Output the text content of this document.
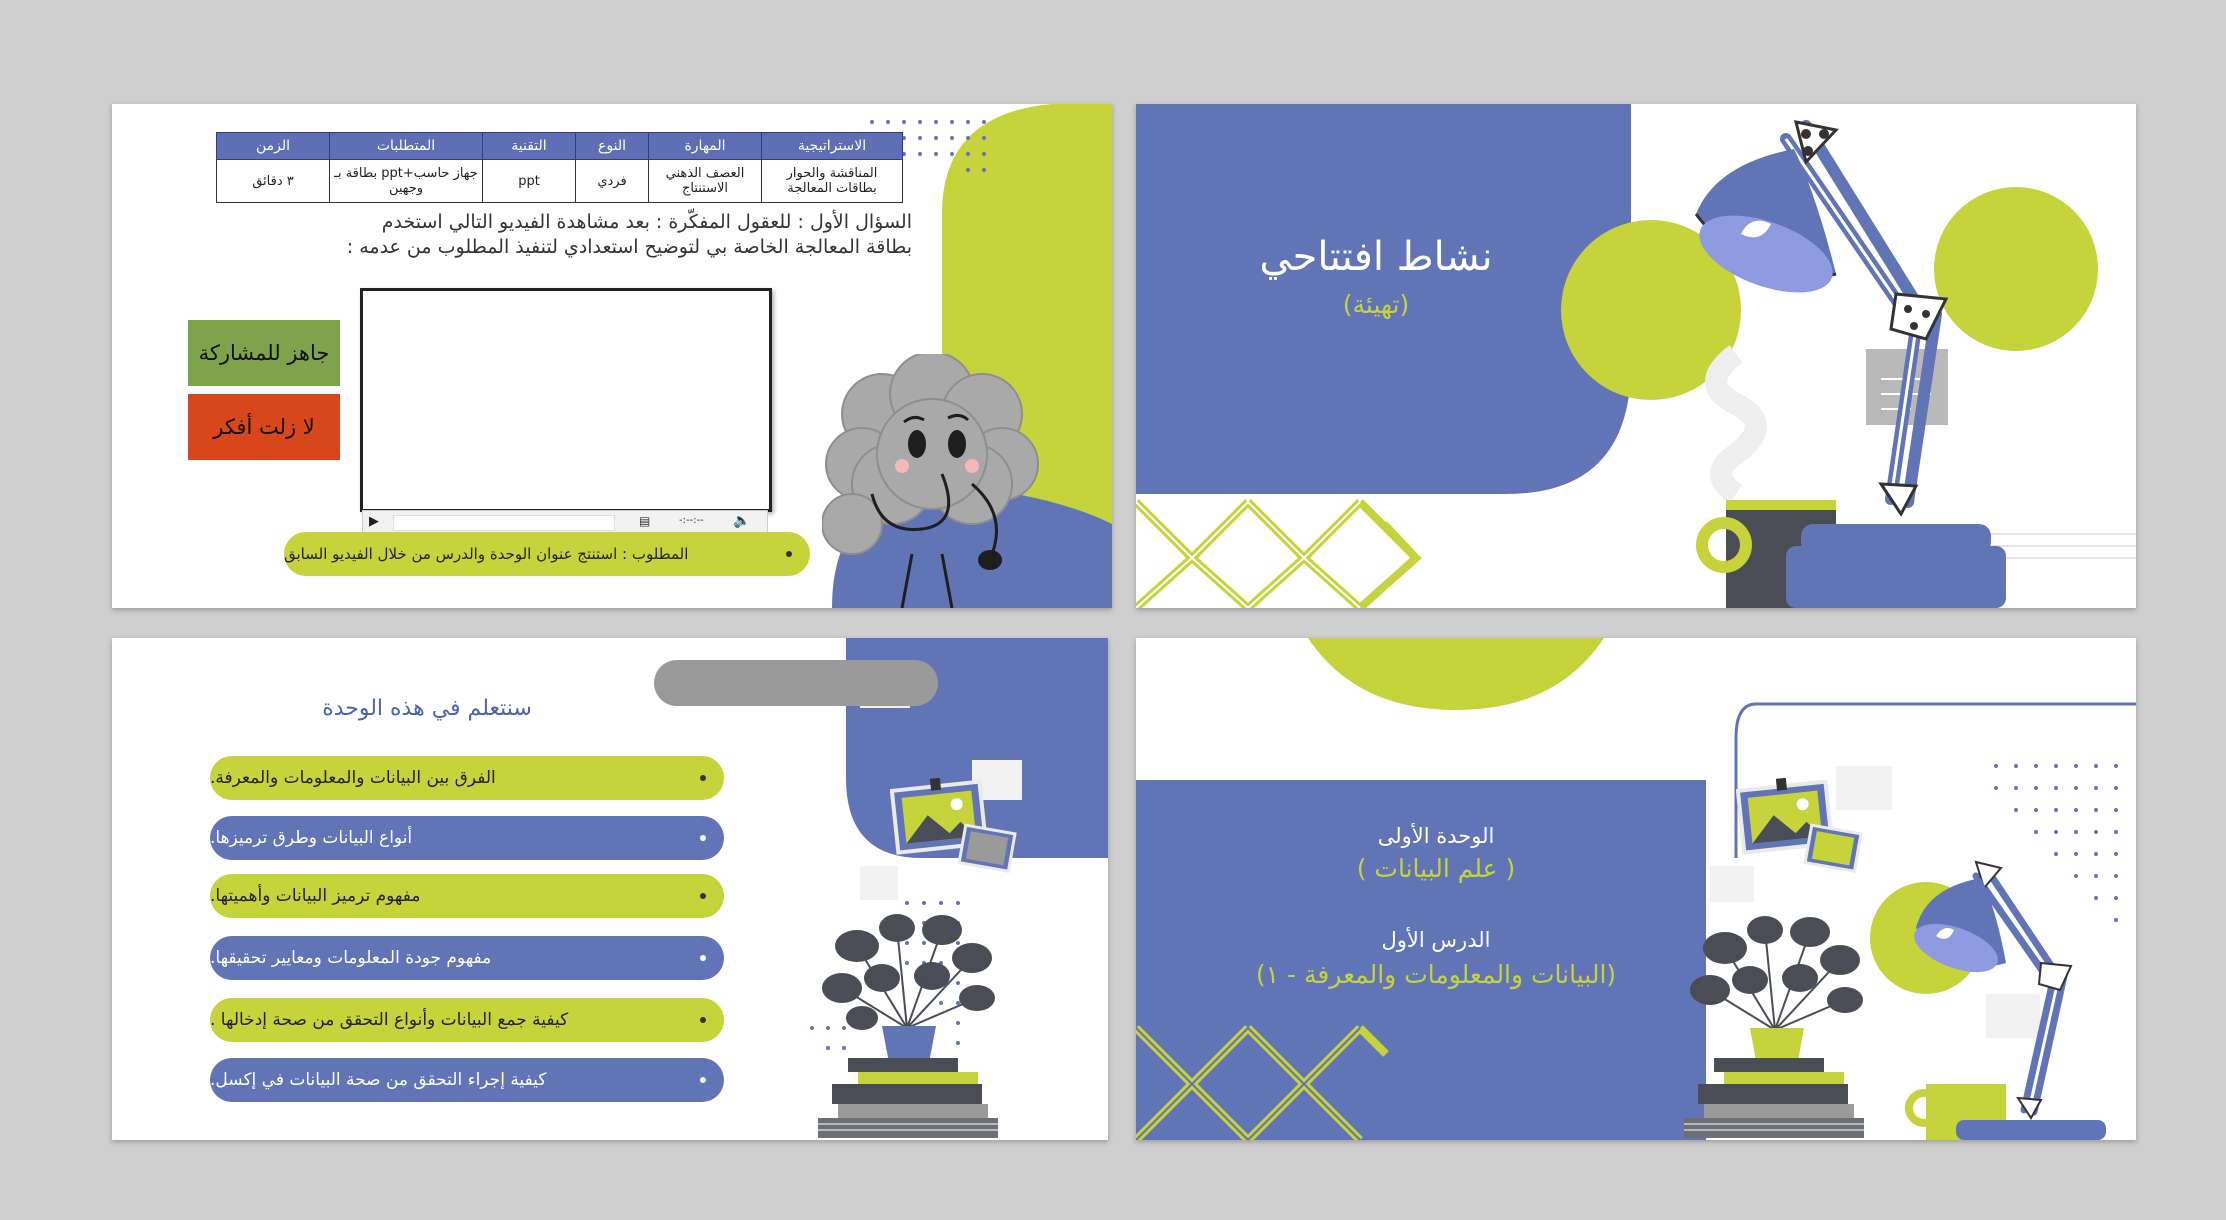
الاستراتيجية	المهارة	النوع	التقنية	المتطلبات	الزمن
المناقشة والحوار بطاقات المعالجة	العصف الذهني الاستنتاج	فردي	ppt	جهاز حاسب+ppt بطاقة بـ وجهين	٣ دقائق
السؤال الأول : للعقول المفكّرة : بعد مشاهدة الفيديو التالي استخدم
بطاقة المعالجة الخاصة بي لتوضيح استعدادي لتنفيذ المطلوب من عدمه :
جاهز للمشاركة
لا زلت أفكر
▶	▤	-:--:-- 🔈
المطلوب : استنتج عنوان الوحدة والدرس من خلال الفيديو السابق
نشاط افتتاحي
(تهيئة)
سنتعلم في هذه الوحدة
الفرق بين البيانات والمعلومات والمعرفة.
أنواع البيانات وطرق ترميزها.
مفهوم ترميز البيانات وأهميتها.
مفهوم جودة المعلومات ومعايير تحقيقها.
كيفية جمع البيانات وأنواع التحقق من صحة إدخالها .
كيفية إجراء التحقق من صحة البيانات في إكسل.
الوحدة الأولى
( علم البيانات )
الدرس الأول
(البيانات والمعلومات والمعرفة - ١)
